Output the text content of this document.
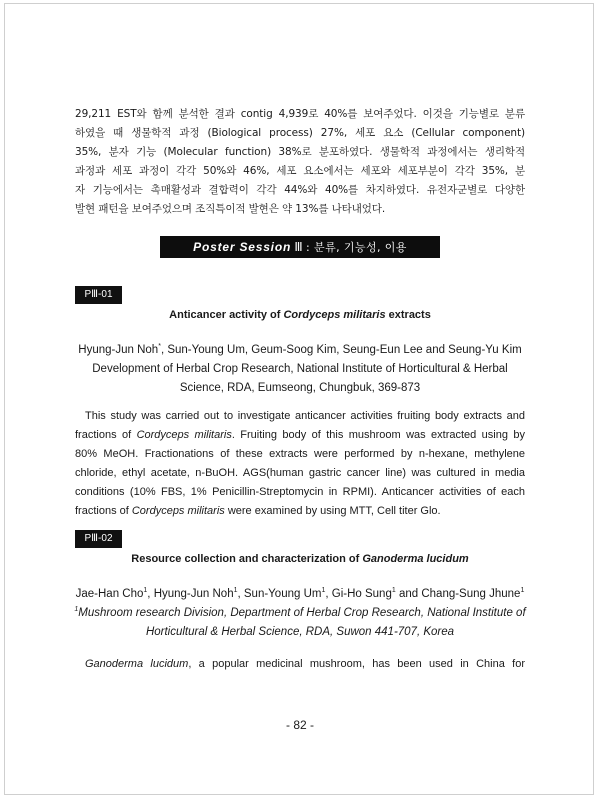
29,211 EST와 함께 분석한 결과 contig 4,939로 40%를 보여주었다. 이것을 기능별로 분류

하였을 때 생물학적 과정 (Biological process) 27%, 세포 요소 (Cellular component)

35%, 분자 기능 (Molecular function) 38%로 분포하였다. 생물학적 과정에서는 생리학적

과정과 세포 과정이 각각 50%와 46%, 세포 요소에서는 세포와 세포부분이 각각 35%, 분

자 기능에서는 촉매활성과 결합력이 각각 44%와 40%를 차지하였다. 유전자군별로 다양한

발현 패턴을 보여주었으며 조직특이적 발현은 약 13%를 나타내었다.

Poster Session Ⅲ : 분류, 기능성, 이용
PⅢ-01
Anticancer activity of Cordyceps militaris extracts

Hyung-Jun Noh*, Sun-Young Um, Geum-Soog Kim, Seung-Eun Lee and Seung-Yu Kim

Development of Herbal Crop Research, National Institute of Horticultural & Herbal

Science, RDA, Eumseong, Chungbuk, 369-873

This study was carried out to investigate anticancer activities fruiting body extracts and

fractions of Cordyceps militaris. Fruiting body of this mushroom was extracted using by

80% MeOH. Fractionations of these extracts were performed by n-hexane, methylene

chloride, ethyl acetate, n-BuOH. AGS(human gastric cancer line) was cultured in media

conditions (10% FBS, 1% Penicillin-Streptomycin in RPMI). Anticancer activities of each

fractions of Cordyceps militaris were examined by using MTT, Cell titer Glo.

PⅢ-02
Resource collection and characterization of Ganoderma lucidum

Jae-Han Cho$^1$, Hyung-Jun Noh$^1$, Sun-Young Um$^1$, Gi-Ho Sung$^1$ and Chang-Sung Jhune$^1$

$^1$Mushroom research Division, Department of Herbal Crop Research, National Institute of

Horticultural & Herbal Science, RDA, Suwon 441-707, Korea

Ganoderma lucidum, a popular medicinal mushroom, has been used in China for

- 82 -
